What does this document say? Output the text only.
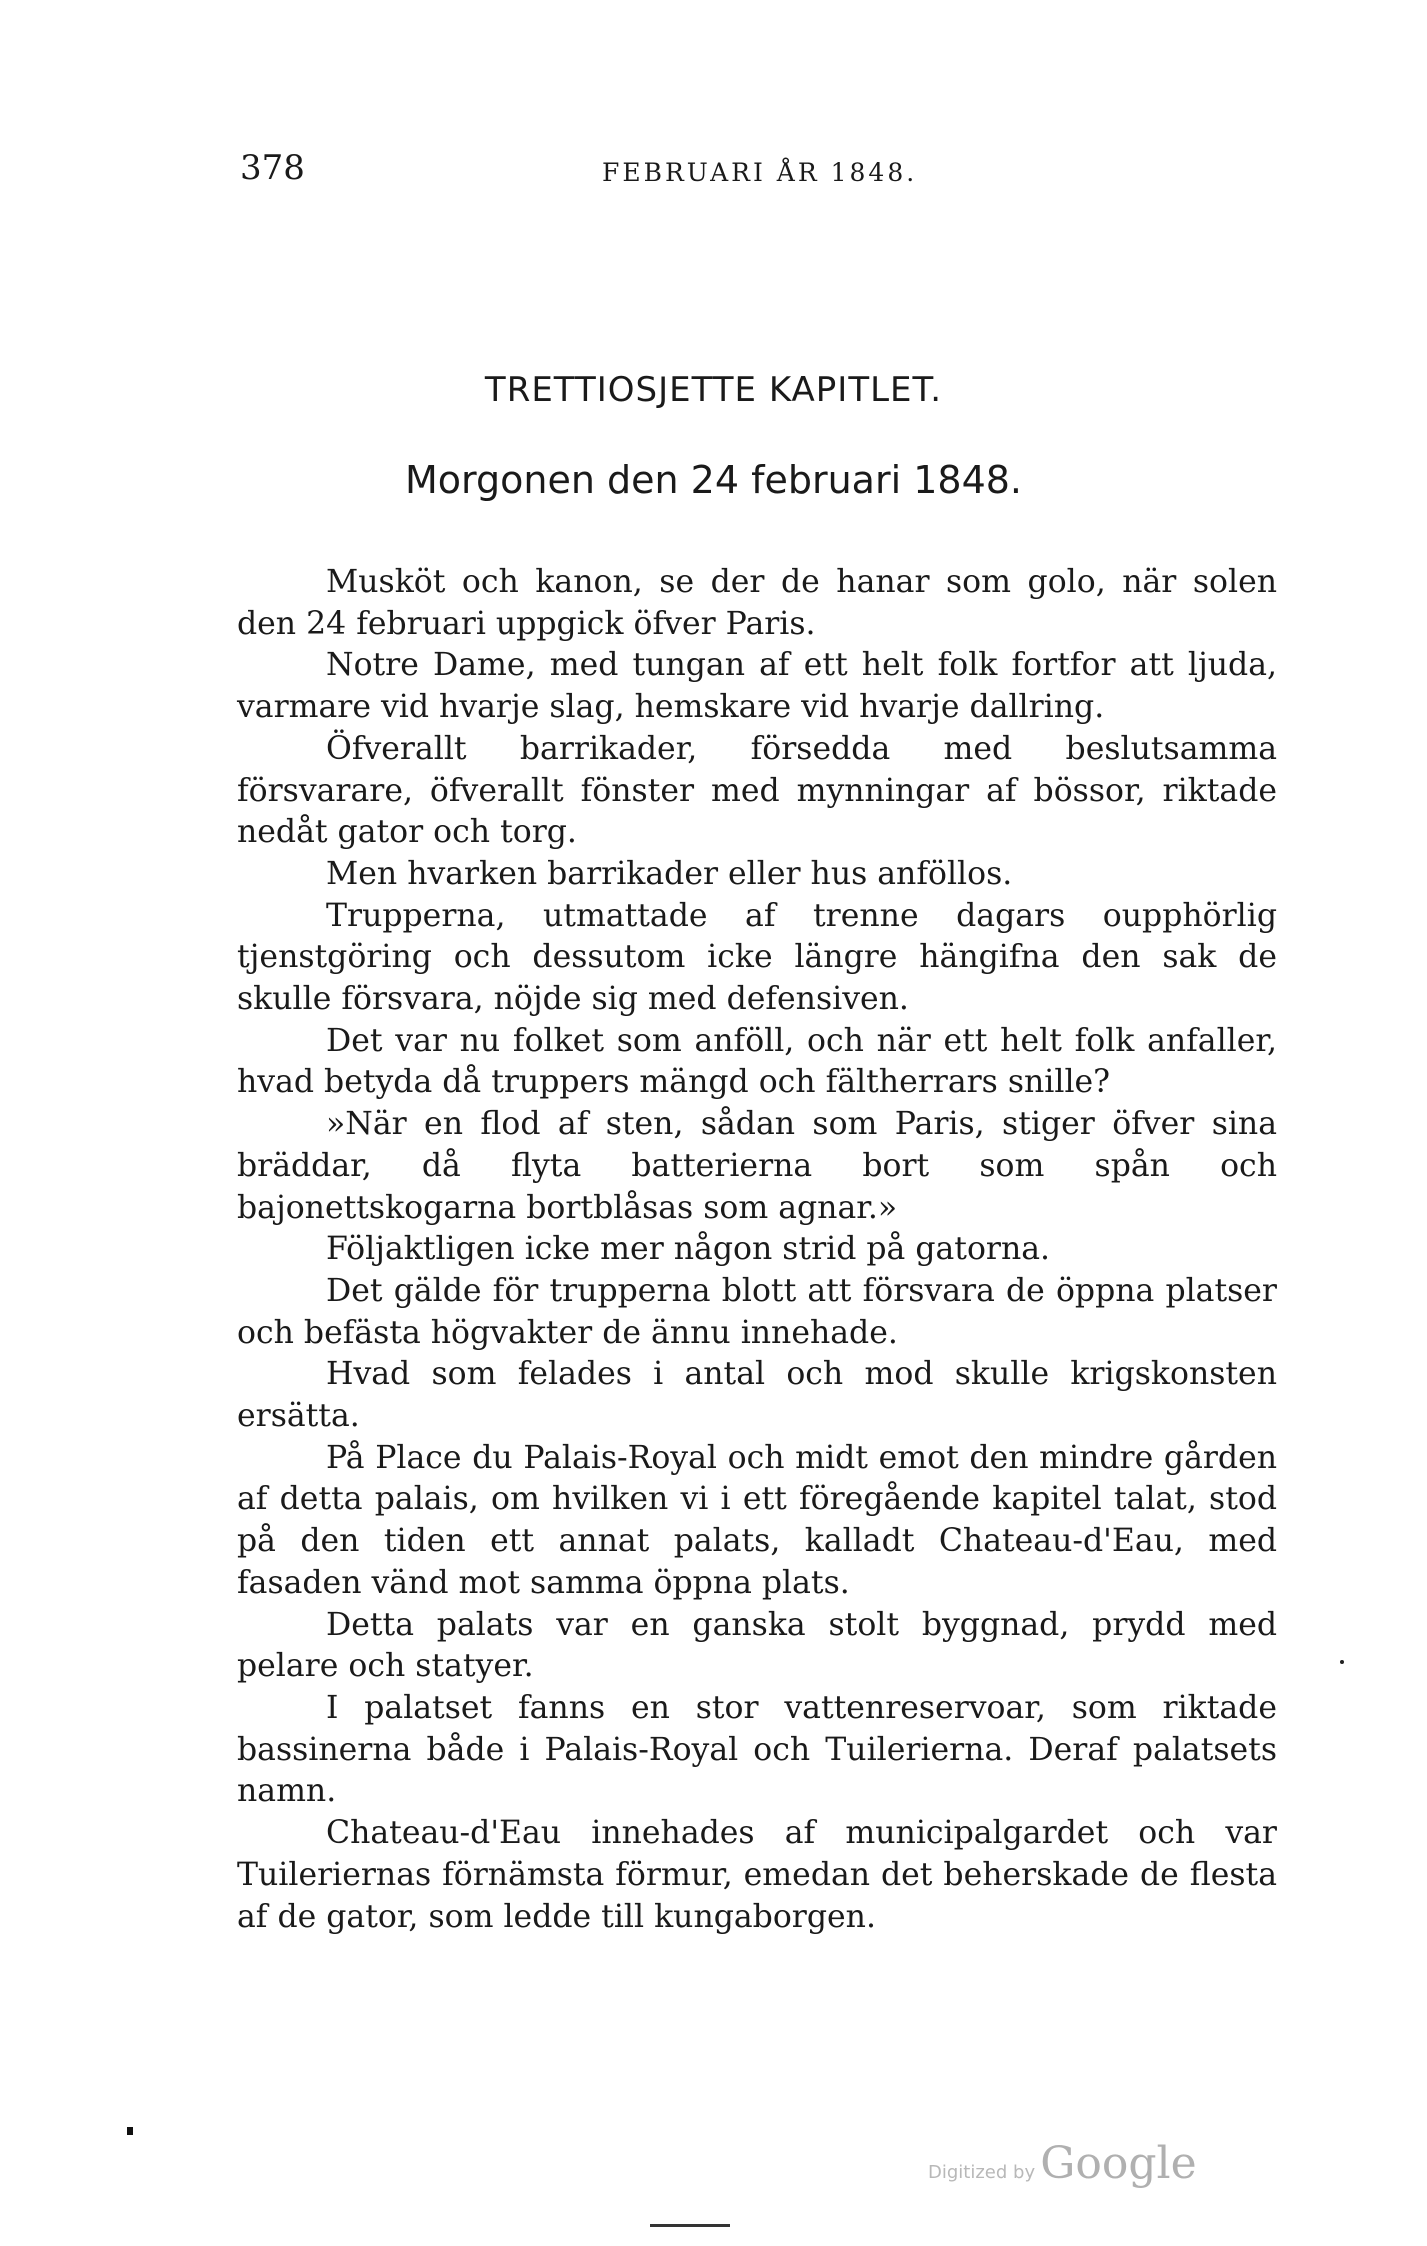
378	FEBRUARI ÅR 1848.
TRETTIOSJETTE KAPITLET.
Morgonen den 24 februari 1848.

Musköt och kanon, se der de hanar som golo, när solen den 24 februari uppgick öfver Paris.

Notre Dame, med tungan af ett helt folk fortfor att ljuda, varmare vid hvarje slag, hemskare vid hvarje dallring.

Öfverallt barrikader, försedda med beslutsamma försvarare, öfverallt fönster med mynningar af bössor, riktade nedåt gator och torg.

Men hvarken barrikader eller hus anföllos.

Trupperna, utmattade af trenne dagars oupphörlig tjenstgöring och dessutom icke längre hängifna den sak de skulle försvara, nöjde sig med defensiven.

Det var nu folket som anföll, och när ett helt folk anfaller, hvad betyda då truppers mängd och fältherrars snille?

»När en flod af sten, sådan som Paris, stiger öfver sina bräddar, då flyta batterierna bort som spån och bajonettskogarna bortblåsas som agnar.»

Följaktligen icke mer någon strid på gatorna.

Det gälde för trupperna blott att försvara de öppna platser och befästa högvakter de ännu innehade.

Hvad som felades i antal och mod skulle krigskonsten ersätta.

På Place du Palais-Royal och midt emot den mindre gården af detta palais, om hvilken vi i ett föregående kapitel talat, stod på den tiden ett annat palats, kalladt Chateau-d'Eau, med fasaden vänd mot samma öppna plats.

Detta palats var en ganska stolt byggnad, prydd med pelare och statyer.

I palatset fanns en stor vattenreservoar, som riktade bassinerna både i Palais-Royal och Tuilerierna. Deraf palatsets namn.

Chateau-d'Eau innehades af municipalgardet och var Tuileriernas förnämsta förmur, emedan det beherskade de flesta af de gator, som ledde till kungaborgen.

Digitized by Google
